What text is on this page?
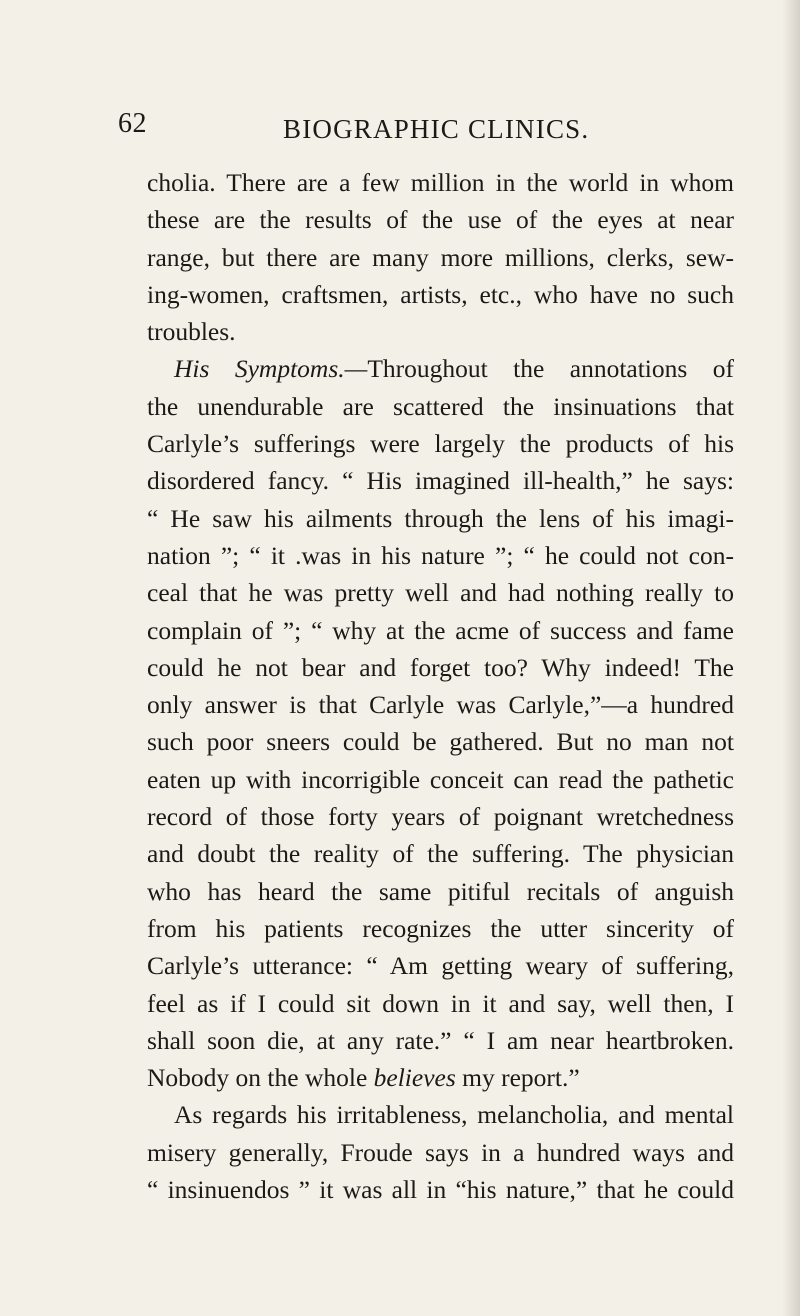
62	BIOGRAPHIC CLINICS.
cholia. There are a few million in the world in whom
these are the results of the use of the eyes at near
range, but there are many more millions, clerks, sew-
ing-women, craftsmen, artists, etc., who have no such
troubles.
His Symptoms.—Throughout the annotations of
the unendurable are scattered the insinuations that
Carlyle’s sufferings were largely the products of his
disordered fancy. “ His imagined ill-health,” he says:
“ He saw his ailments through the lens of his imagi-
nation ”; “ it .was in his nature ”; “ he could not con-
ceal that he was pretty well and had nothing really to
complain of ”; “ why at the acme of success and fame
could he not bear and forget too? Why indeed! The
only answer is that Carlyle was Carlyle,”—a hundred
such poor sneers could be gathered. But no man not
eaten up with incorrigible conceit can read the pathetic
record of those forty years of poignant wretchedness
and doubt the reality of the suffering. The physician
who has heard the same pitiful recitals of anguish
from his patients recognizes the utter sincerity of
Carlyle’s utterance: “ Am getting weary of suffering,
feel as if I could sit down in it and say, well then, I
shall soon die, at any rate.” “ I am near heartbroken.
Nobody on the whole believes my report.”
As regards his irritableness, melancholia, and mental
misery generally, Froude says in a hundred ways and
“ insinuendos ” it was all in “his nature,” that he could
